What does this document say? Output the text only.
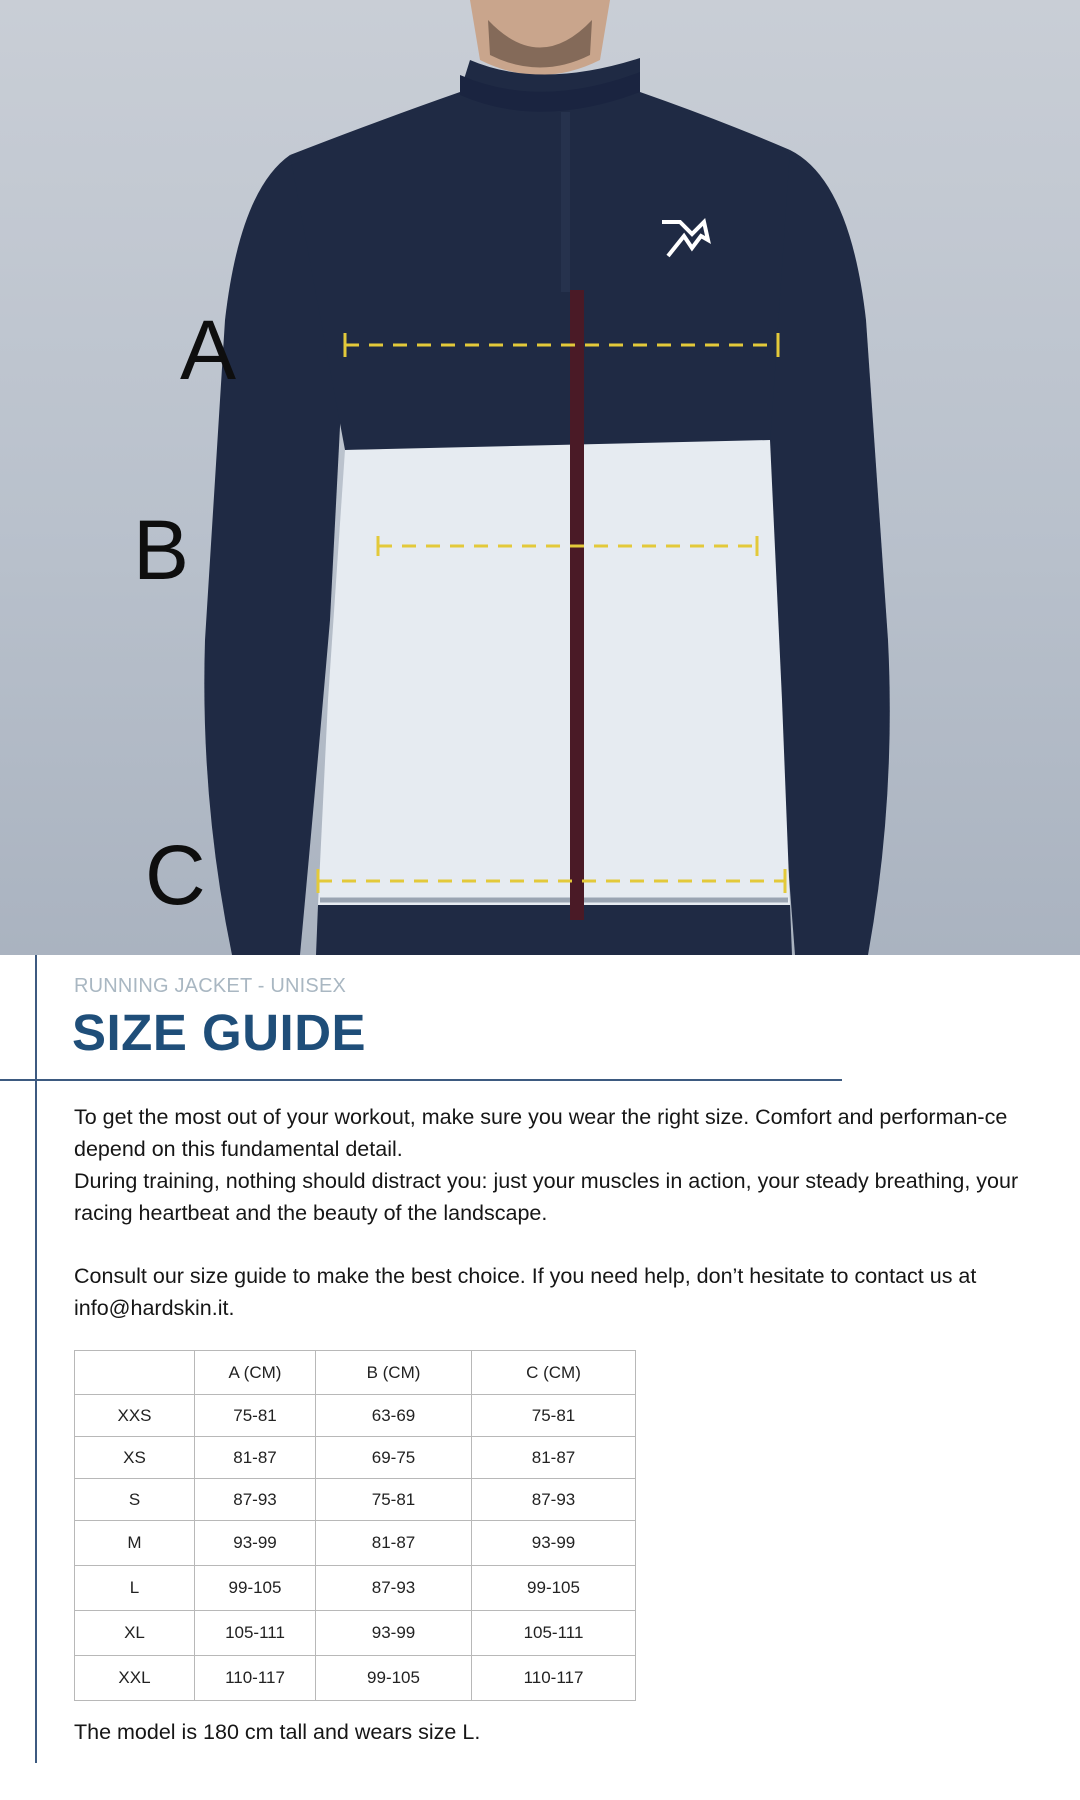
A
B
C
RUNNING JACKET - UNISEX
SIZE GUIDE
To get the most out of your workout, make sure you wear the right size. Comfort and performan-ce depend on this fundamental detail.
During training, nothing should distract you: just your muscles in action, your steady breathing, your racing heartbeat and the beauty of the landscape.
Consult our size guide to make the best choice. If you need help, don’t hesitate to contact us at info@hardskin.it.
	A (CM)	B (CM)	C (CM)
XXS	75-81	63-69	75-81
XS	81-87	69-75	81-87
S	87-93	75-81	87-93
M	93-99	81-87	93-99
L	99-105	87-93	99-105
XL	105-111	93-99	105-111
XXL	110-117	99-105	110-117
The model is 180 cm tall and wears size L.
